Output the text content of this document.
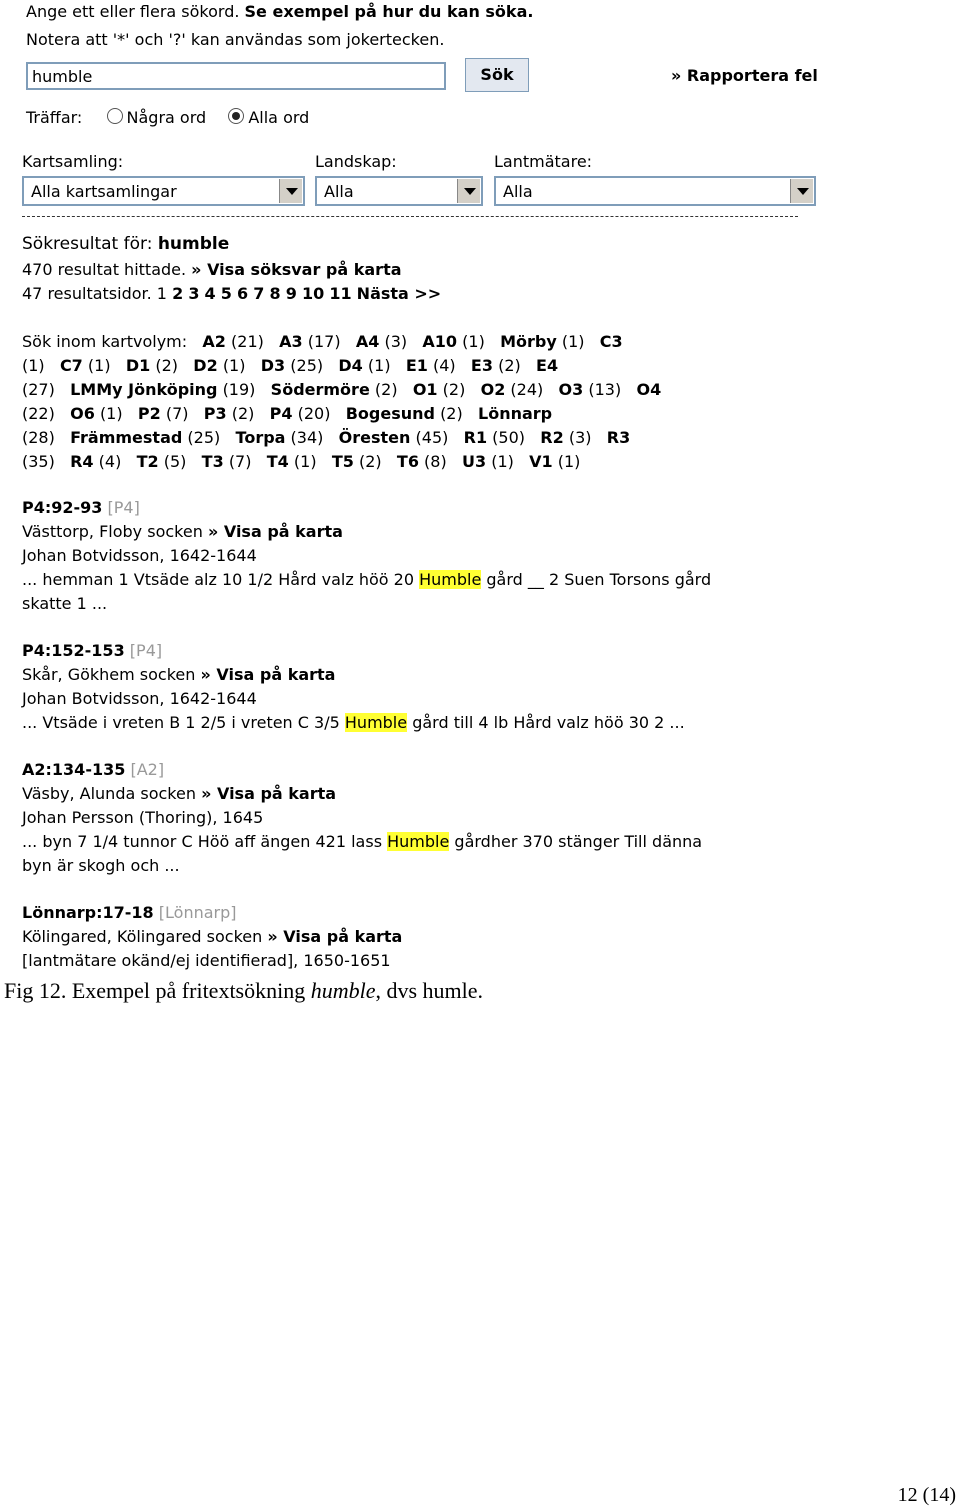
Ange ett eller flera sökord. Se exempel på hur du kan söka.
Notera att '*' och '?' kan användas som jokertecken.
humble
Sök	» Rapportera fel
Träffar:	Några ord	Alla ord
Kartsamling:	Landskap:	Lantmätare:
Alla kartsamlingar	Alla	Alla
Sökresultat för: humble
470 resultat hittade. » Visa söksvar på karta
47 resultatsidor. 1 2 3 4 5 6 7 8 9 10 11 Nästa >>
Sök inom kartvolym: A2 (21) A3 (17) A4 (3) A10 (1) Mörby (1) C3
(1) C7 (1) D1 (2) D2 (1) D3 (25) D4 (1) E1 (4) E3 (2) E4
(27) LMMy Jönköping (19) Södermöre (2) O1 (2) O2 (24) O3 (13) O4
(22) O6 (1) P2 (7) P3 (2) P4 (20) Bogesund (2) Lönnarp
(28) Främmestad (25) Torpa (34) Öresten (45) R1 (50) R2 (3) R3
(35) R4 (4) T2 (5) T3 (7) T4 (1) T5 (2) T6 (8) U3 (1) V1 (1)
P4:92-93 [P4]
Västtorp, Floby socken » Visa på karta
Johan Botvidsson, 1642-1644
... hemman 1 Vtsäde alz 10 1/2 Hård valz höö 20 Humble gård __ 2 Suen Torsons gård
skatte 1 ...
P4:152-153 [P4]
Skår, Gökhem socken » Visa på karta
Johan Botvidsson, 1642-1644
... Vtsäde i vreten B 1 2/5 i vreten C 3/5 Humble gård till 4 lb Hård valz höö 30 2 ...
A2:134-135 [A2]
Väsby, Alunda socken » Visa på karta
Johan Persson (Thoring), 1645
... byn 7 1/4 tunnor C Höö aff ängen 421 lass Humble gårdher 370 stänger Till dänna
byn är skogh och ...
Lönnarp:17-18 [Lönnarp]
Kölingared, Kölingared socken » Visa på karta
[lantmätare okänd/ej identifierad], 1650-1651
Fig 12. Exempel på fritextsökning humble, dvs humle.
12 (14)
